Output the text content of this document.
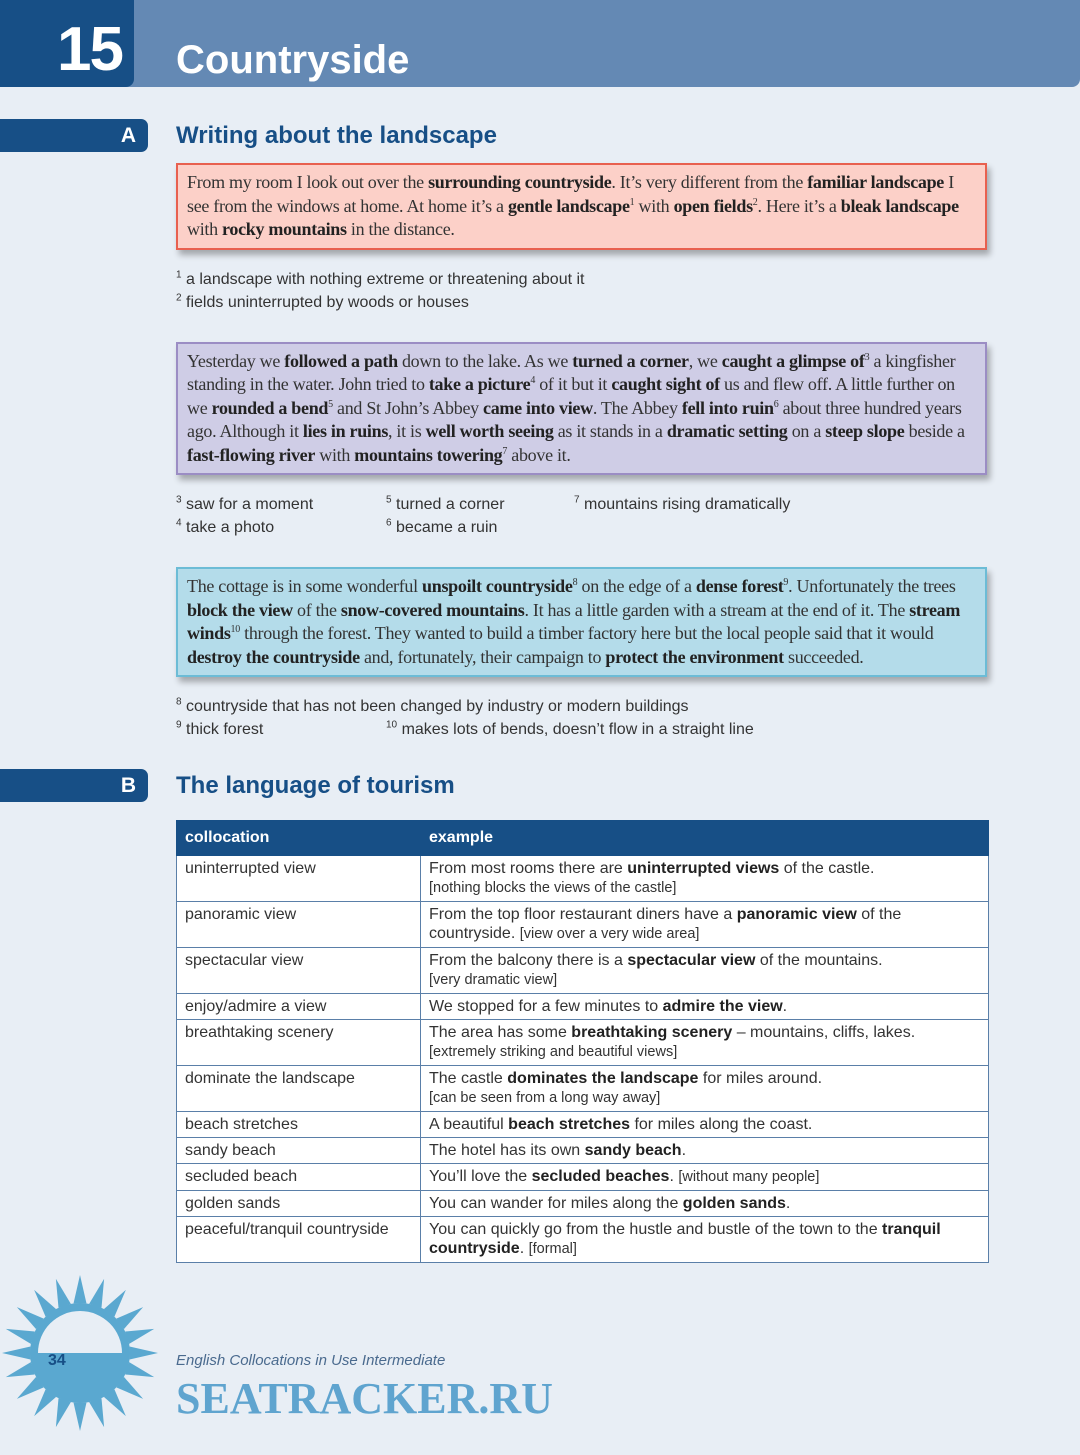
15	Countryside
A	Writing about the landscape
From my room I look out over the surrounding countryside. It’s very different from the familiar landscape I see from the windows at home. At home it’s a gentle landscape$^1$ with open fields$^2$. Here it’s a bleak landscape with rocky mountains in the distance.
$^1$ a landscape with nothing extreme or threatening about it
$^2$ fields uninterrupted by woods or houses
Yesterday we followed a path down to the lake. As we turned a corner, we caught a glimpse $of^3$ a kingfisher standing in the water. John tried to take a picture$^4$ of it but it caught sight of us and flew off. A little further on we rounded a bend$^5$ and St John’s Abbey came into view. The Abbey fell into ruin$^6$ about three hundred years ago. Although it lies in ruins, it is well worth seeing as it stands in a dramatic setting on a steep slope beside a fast-flowing river with mountains towering$^7$ above it.
$^3$ saw for a moment
$^4$ take a photo
$^5$ turned a corner
$^6$ became a ruin
$^7$ mountains rising dramatically
The cottage is in some wonderful unspoilt countryside$^8$ on the edge of a dense forest$^9$. Unfortunately the trees block the view of the snow-covered mountains. It has a little garden with a stream at the end of it. The stream winds$^{10}$ through the forest. They wanted to build a timber factory here but the local people said that it would destroy the countryside and, fortunately, their campaign to protect the environment succeeded.
$^8$ countryside that has not been changed by industry or modern buildings
$^9$ thick forest	$^{10}$ makes lots of bends, doesn’t flow in a straight line
B	The language of tourism
collocation	example
uninterrupted view	From most rooms there are uninterrupted views of the castle.
[nothing blocks the views of the castle]
panoramic view	From the top floor restaurant diners have a panoramic view of the countryside. [view over a very wide area]
spectacular view	From the balcony there is a spectacular view of the mountains.
[very dramatic view]
enjoy/admire a view	We stopped for a few minutes to admire the view.
breathtaking scenery	The area has some breathtaking scenery – mountains, cliffs, lakes.
[extremely striking and beautiful views]
dominate the landscape	The castle dominates the landscape for miles around.
[can be seen from a long way away]
beach stretches	A beautiful beach stretches for miles along the coast.
sandy beach	The hotel has its own sandy beach.
secluded beach	You’ll love the secluded beaches. [without many people]
golden sands	You can wander for miles along the golden sands.
peaceful/tranquil countryside	You can quickly go from the hustle and bustle of the town to the tranquil countryside. [formal]
34	English Collocations in Use Intermediate
SEATRACKER.RU
